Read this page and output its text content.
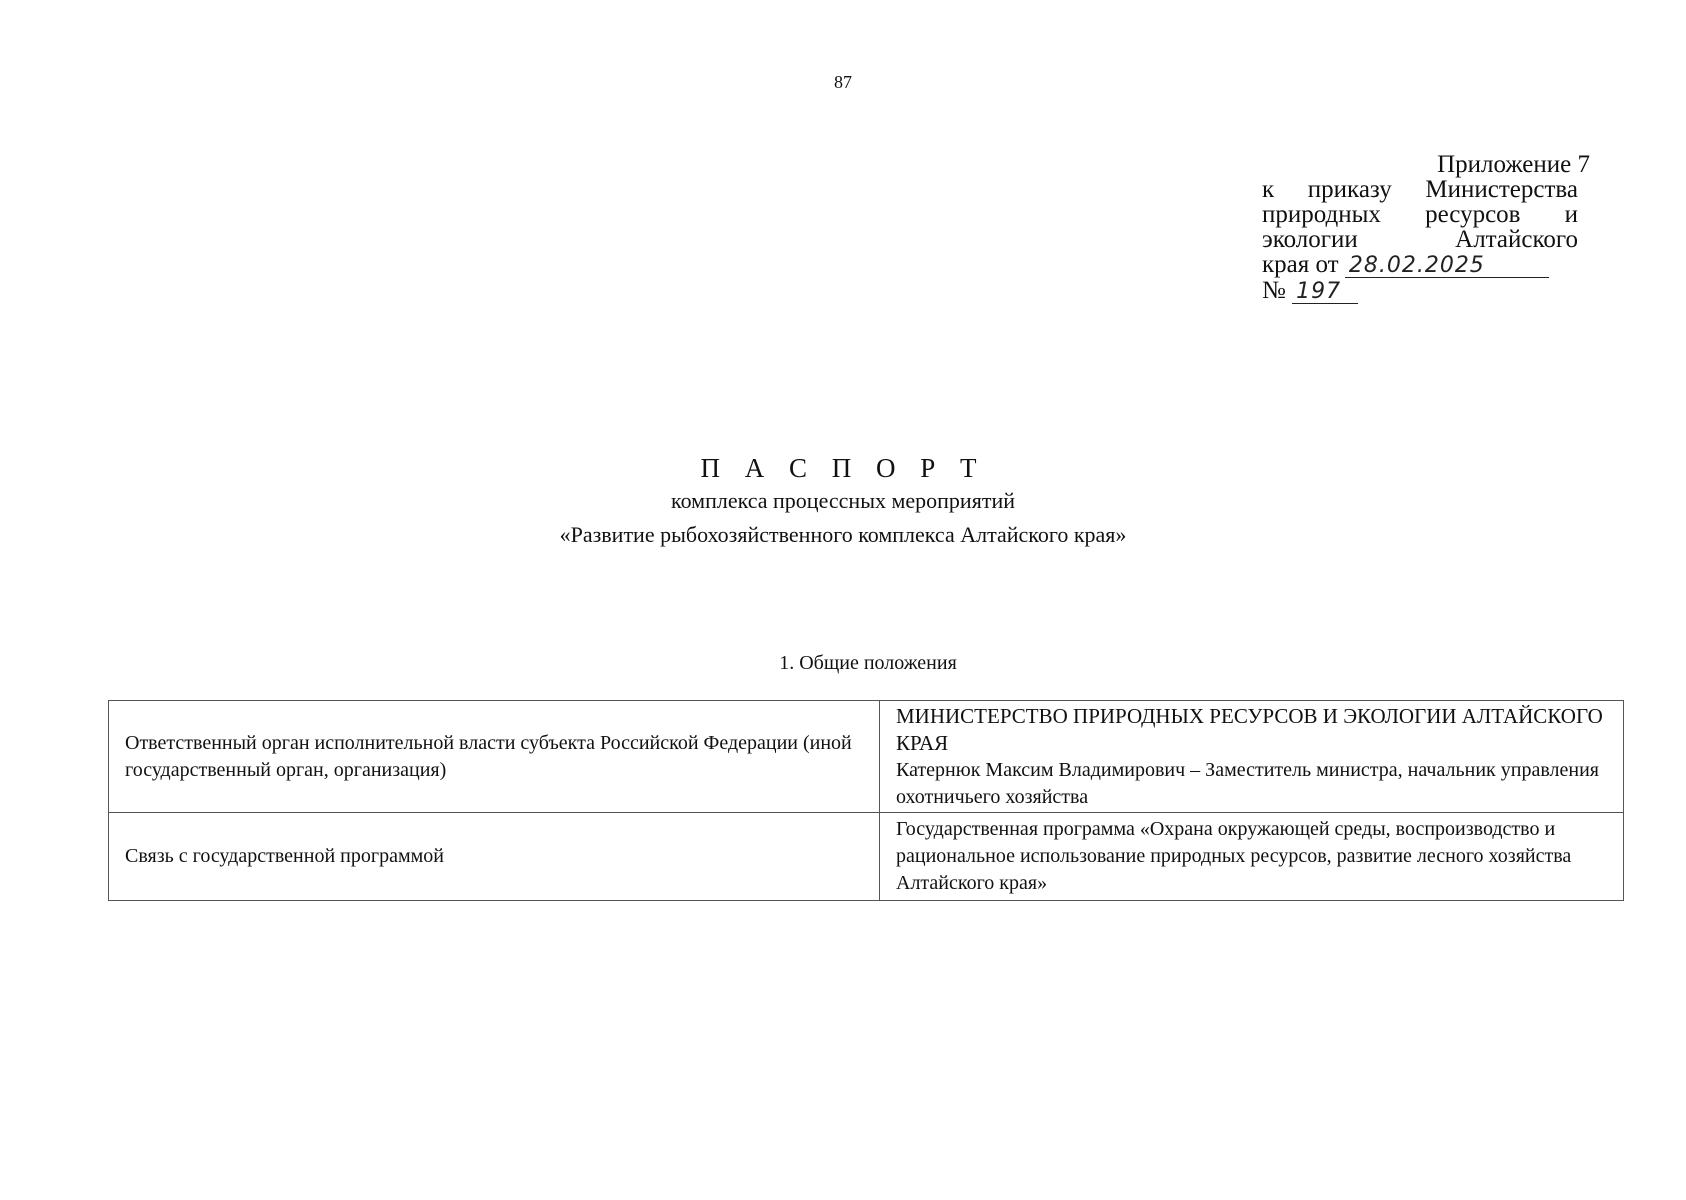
87
Приложение 7
к приказу Министерства
природных ресурсов и
экологии Алтайского
края от 28.02.2025
№ 197
П А С П О Р Т
комплекса процессных мероприятий
«Развитие рыбохозяйственного комплекса Алтайского края»
1. Общие положения
Ответственный орган исполнительной власти субъекта Российской Федерации (иной государственный орган, организация)	МИНИСТЕРСТВО ПРИРОДНЫХ РЕСУРСОВ И ЭКОЛОГИИ АЛТАЙСКОГО КРАЯ
Катернюк Максим Владимирович – Заместитель министра, начальник управления охотничьего хозяйства

Связь с государственной программой	Государственная программа «Охрана окружающей среды, воспроизводство и рациональное использование природных ресурсов, развитие лесного хозяйства Алтайского края»
